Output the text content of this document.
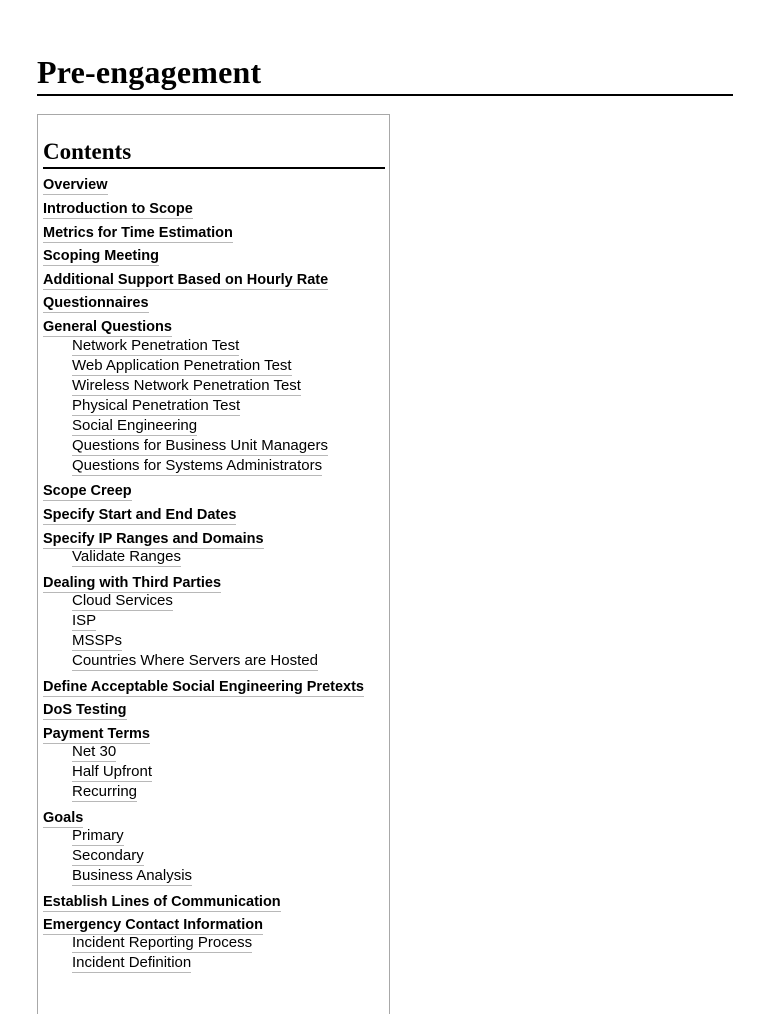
Pre-engagement
Contents
Overview
Introduction to Scope
Metrics for Time Estimation
Scoping Meeting
Additional Support Based on Hourly Rate
Questionnaires
General Questions
Network Penetration Test
Web Application Penetration Test
Wireless Network Penetration Test
Physical Penetration Test
Social Engineering
Questions for Business Unit Managers
Questions for Systems Administrators
Scope Creep
Specify Start and End Dates
Specify IP Ranges and Domains
Validate Ranges
Dealing with Third Parties
Cloud Services
ISP
MSSPs
Countries Where Servers are Hosted
Define Acceptable Social Engineering Pretexts
DoS Testing
Payment Terms
Net 30
Half Upfront
Recurring
Goals
Primary
Secondary
Business Analysis
Establish Lines of Communication
Emergency Contact Information
Incident Reporting Process
Incident Definition
